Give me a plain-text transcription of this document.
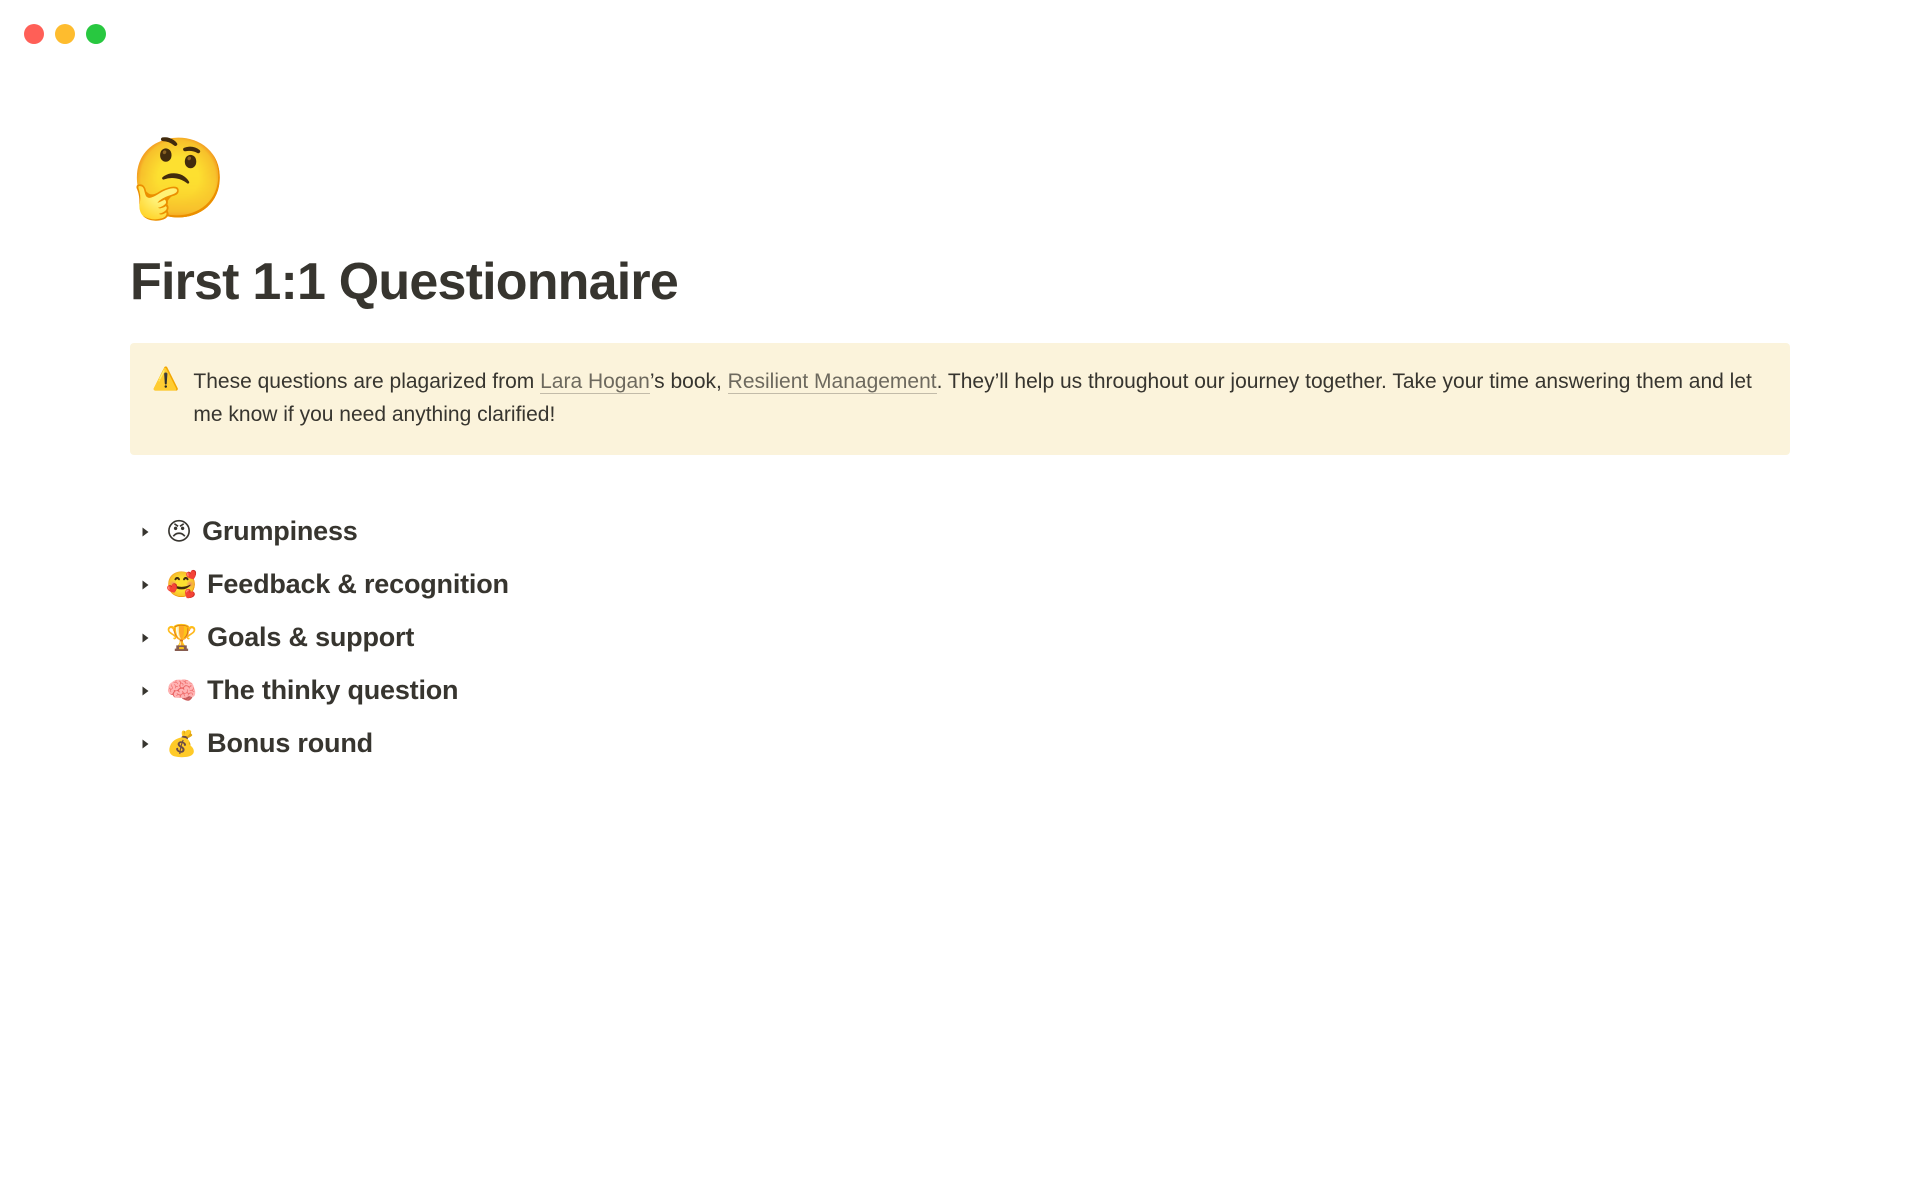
🤔
First 1:1 Questionnaire
⚠️ These questions are plagarized from Lara Hogan’s book, Resilient Management. They’ll help us throughout our journey together. Take your time answering them and let me know if you need anything clarified!
😠 Grumpiness
🥰 Feedback & recognition
🏆 Goals & support
🧠 The thinky question
💰 Bonus round
